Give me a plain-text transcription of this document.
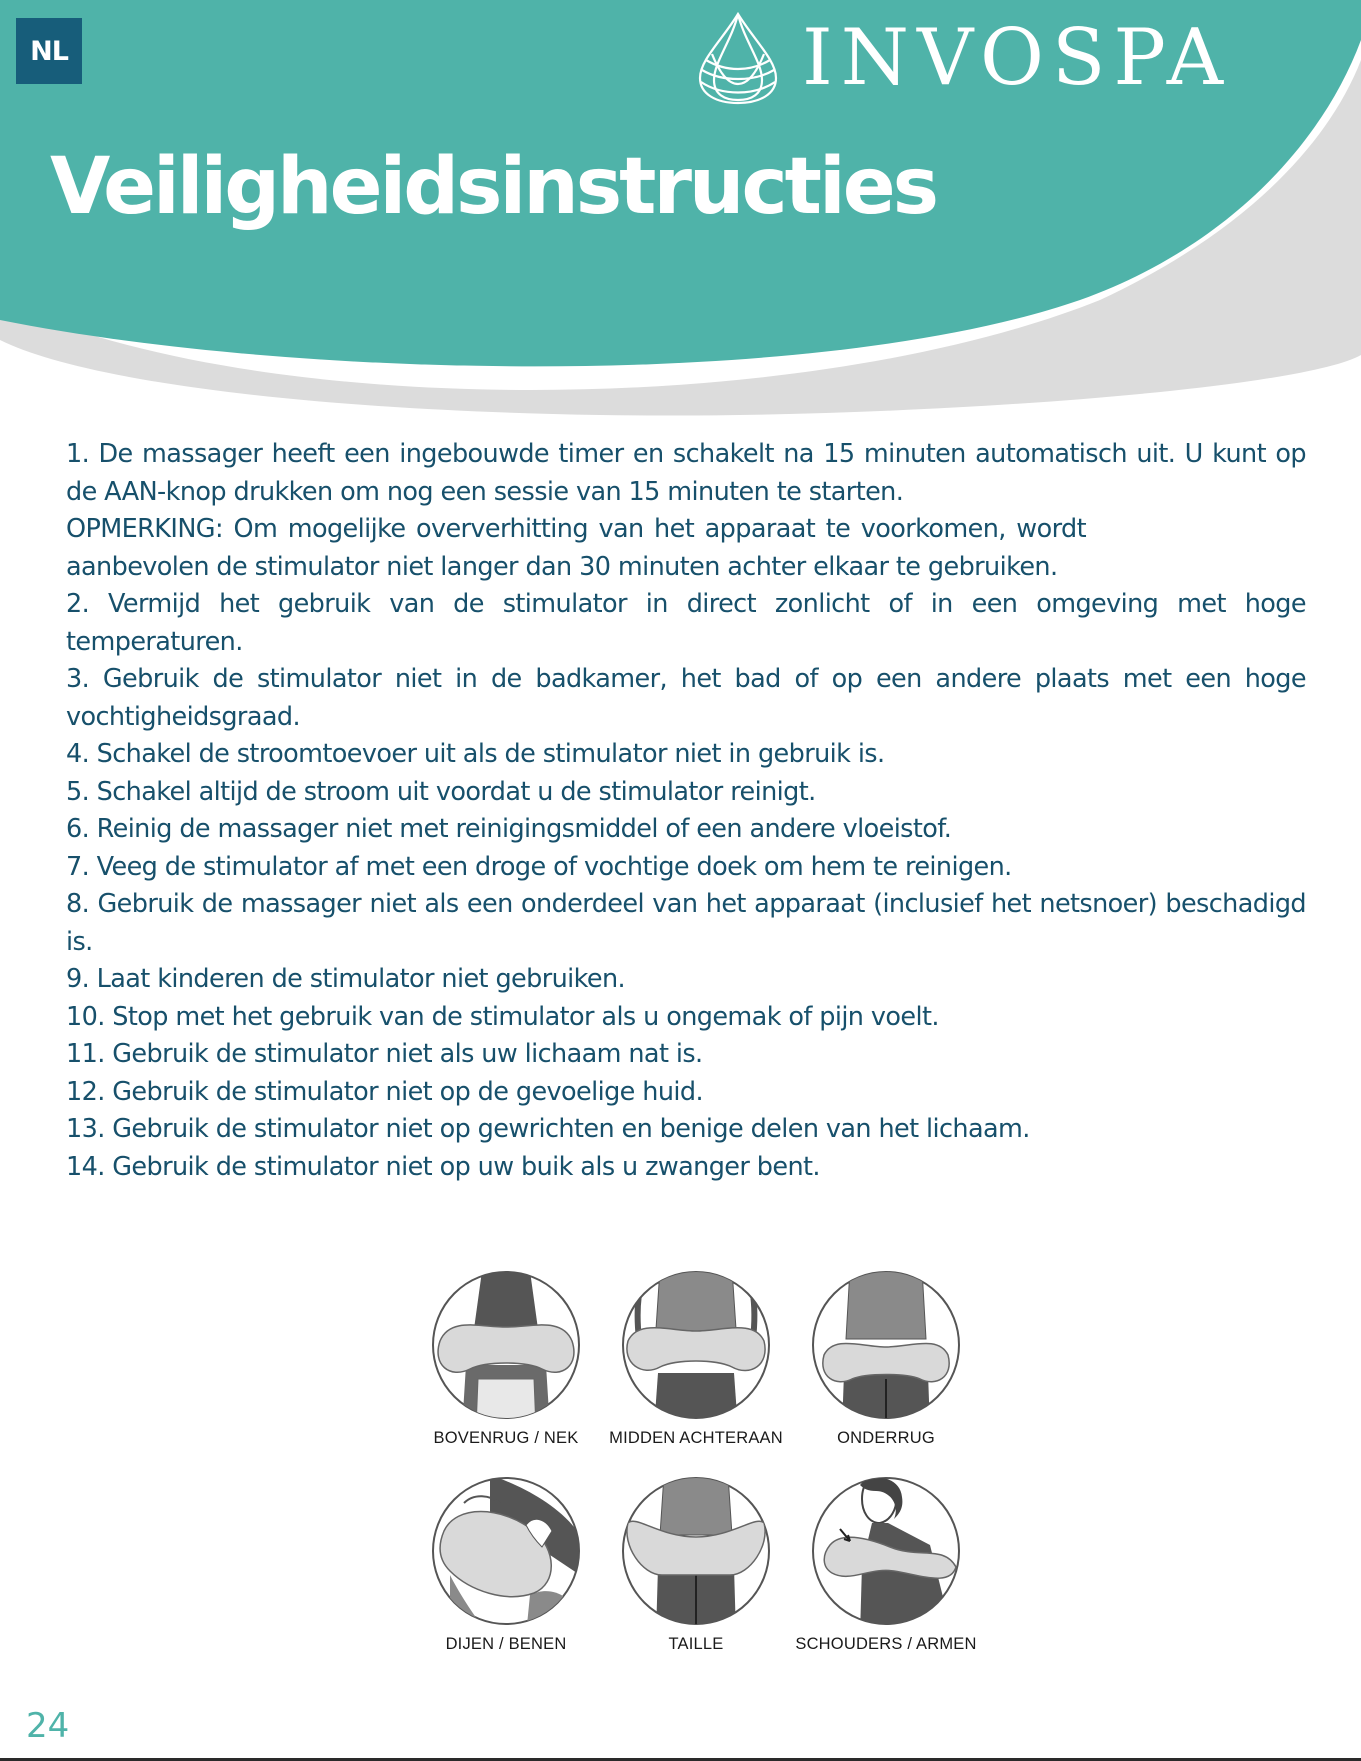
NL	INVOSPA
Veiligheidsinstructies

1. De massager heeft een ingebouwde timer en schakelt na 15 minuten automatisch uit. U kunt op de AAN-knop drukken om nog een sessie van 15 minuten te starten.

OPMERKING: Om mogelijke oververhitting van het apparaat te voorkomen, wordt aanbevolen de stimulator niet langer dan 30 minuten achter elkaar te gebruiken.

2. Vermijd het gebruik van de stimulator in direct zonlicht of in een omgeving met hoge temperaturen.

3. Gebruik de stimulator niet in de badkamer, het bad of op een andere plaats met een hoge vochtigheidsgraad.

4. Schakel de stroomtoevoer uit als de stimulator niet in gebruik is.

5. Schakel altijd de stroom uit voordat u de stimulator reinigt.

6. Reinig de massager niet met reinigingsmiddel of een andere vloeistof.

7. Veeg de stimulator af met een droge of vochtige doek om hem te reinigen.

8. Gebruik de massager niet als een onderdeel van het apparaat (inclusief het netsnoer) beschadigd is.

9. Laat kinderen de stimulator niet gebruiken.

10. Stop met het gebruik van de stimulator als u ongemak of pijn voelt.

11. Gebruik de stimulator niet als uw lichaam nat is.

12. Gebruik de stimulator niet op de gevoelige huid.

13. Gebruik de stimulator niet op gewrichten en benige delen van het lichaam.

14. Gebruik de stimulator niet op uw buik als u zwanger bent.

BOVENRUG / NEK	MIDDEN ACHTERAAN	ONDERRUG
DIJEN / BENEN	TAILLE	SCHOUDERS / ARMEN
24
